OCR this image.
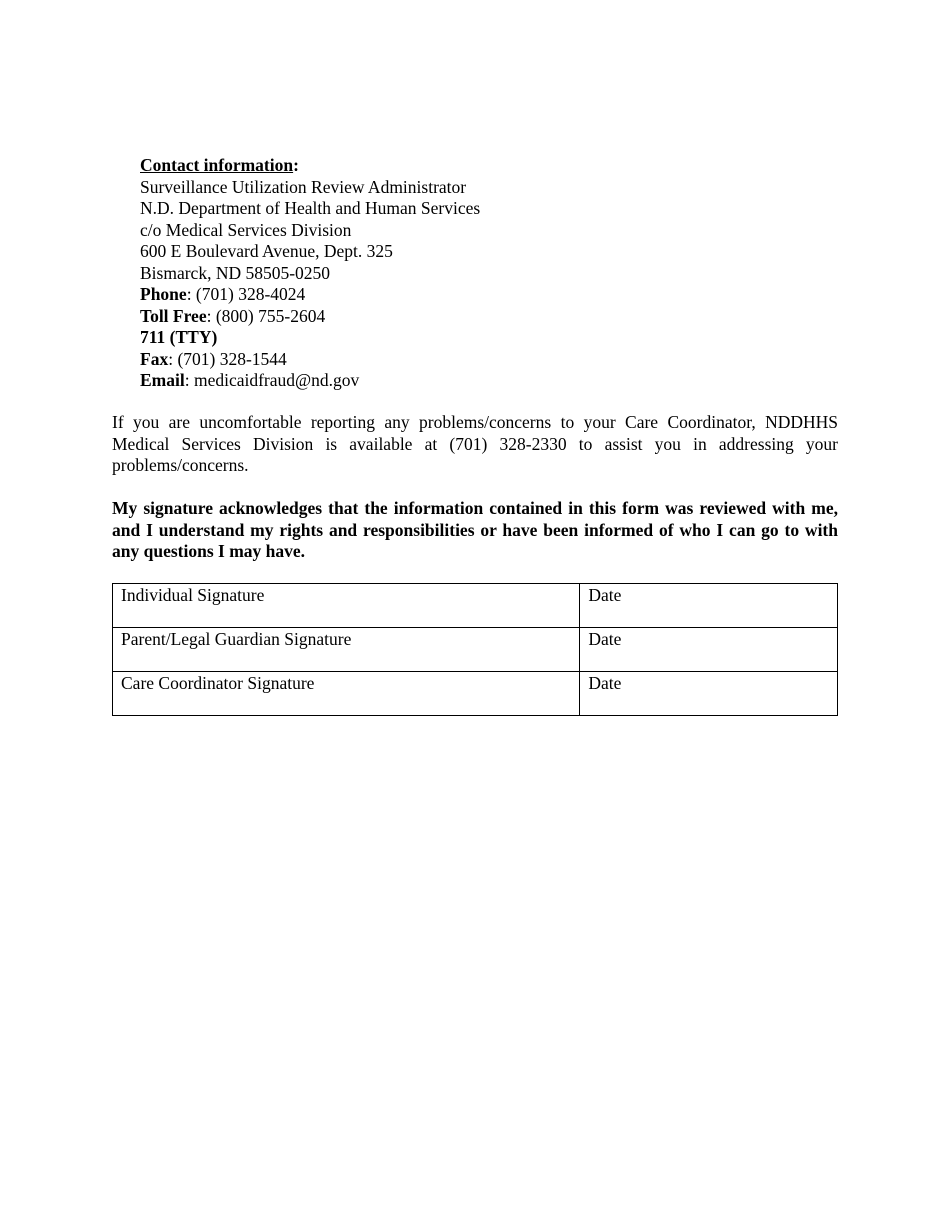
Contact information:
Surveillance Utilization Review Administrator
N.D. Department of Health and Human Services
c/o Medical Services Division
600 E Boulevard Avenue, Dept. 325
Bismarck, ND 58505-0250
Phone: (701) 328-4024
Toll Free: (800) 755-2604
711 (TTY)
Fax: (701) 328-1544
Email: medicaidfraud@nd.gov
If you are uncomfortable reporting any problems/concerns to your Care Coordinator, NDDHHS Medical Services Division is available at (701) 328-2330 to assist you in addressing your problems/concerns.
My signature acknowledges that the information contained in this form was reviewed with me, and I understand my rights and responsibilities or have been informed of who I can go to with any questions I may have.
Individual Signature	Date
Parent/Legal Guardian Signature	Date
Care Coordinator Signature	Date
